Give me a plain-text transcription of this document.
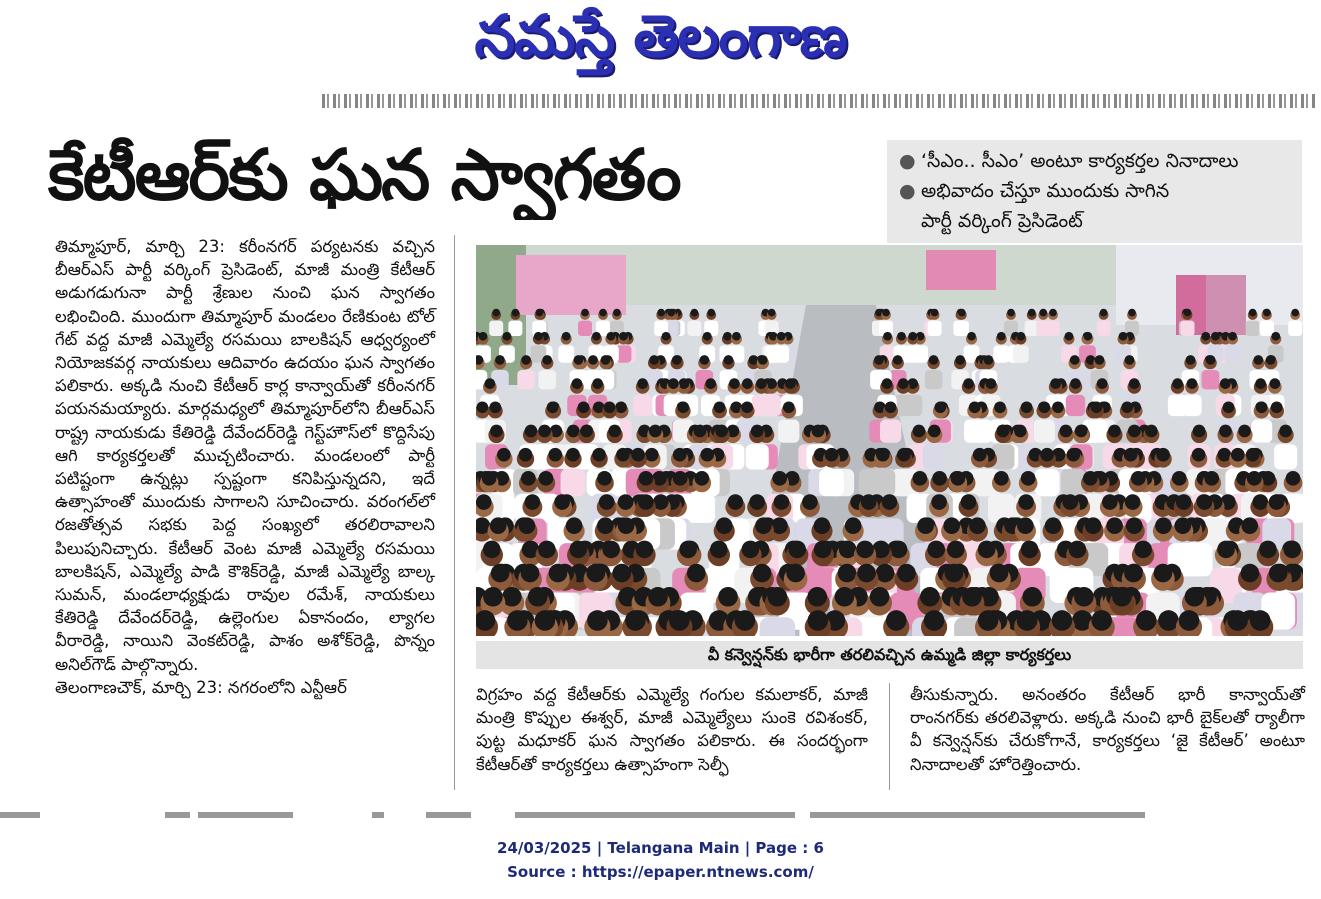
నమస్తే తెలంగాణ
కేటీఆర్‌కు ఘన స్వాగతం	● ‘సీఎం.. సీఎం’ అంటూ కార్యకర్తల నినాదాలు
● అభివాదం చేస్తూ ముందుకు సాగిన
పార్టీ వర్కింగ్ ప్రెసిడెంట్
వీ కన్వెన్షన్‌కు భారీగా తరలివచ్చిన ఉమ్మడి జిల్లా కార్యకర్తలు

తిమ్మాపూర్, మార్చి 23: కరీంనగర్ పర్యటనకు వచ్చిన బీఆర్ఎస్ పార్టీ వర్కింగ్ ప్రెసిడెంట్, మాజీ మంత్రి కేటీఆర్ అడుగడుగునా పార్టీ శ్రేణుల నుంచి ఘన స్వాగతం లభించింది. ముందుగా తిమ్మాపూర్ మండలం రేణికుంట టోల్ గేట్ వద్ద మాజీ ఎమ్మెల్యే రసమయి బాలకిషన్ ఆధ్వర్యంలో నియోజకవర్గ నాయకులు ఆదివారం ఉదయం ఘన స్వాగతం పలికారు. అక్కడి నుంచి కేటీఆర్ కార్ల కాన్వాయ్‌తో కరీంనగర్ పయనమయ్యారు. మార్గమధ్యలో తిమ్మాపూర్‌లోని బీఆర్ఎస్ రాష్ట్ర నాయకుడు కేతిరెడ్డి దేవేందర్‌రెడ్డి గెస్ట్‌హౌస్‌లో కొద్దిసేపు ఆగి కార్యకర్తలతో ముచ్చటించారు. మండలంలో పార్టీ పటిష్టంగా ఉన్నట్లు స్పష్టంగా కనిపిస్తున్నదని, ఇదే ఉత్సాహంతో ముందుకు సాగాలని సూచించారు. వరంగల్‌లో రజతోత్సవ సభకు పెద్ద సంఖ్యలో తరలిరావాలని పిలుపునిచ్చారు. కేటీఆర్ వెంట మాజీ ఎమ్మెల్యే రసమయి బాలకిషన్, ఎమ్మెల్యే పాడి కౌశిక్‌రెడ్డి, మాజీ ఎమ్మెల్యే బాల్క సుమన్, మండలాధ్యక్షుడు రావుల రమేశ్, నాయకులు కేతిరెడ్డి దేవేందర్‌రెడ్డి, ఉల్లెంగుల ఏకానందం, ల్యాగల వీరారెడ్డి, నాయిని వెంకట్‌రెడ్డి, పాశం అశోక్‌రెడ్డి, పొన్నం అనిల్‌గౌడ్ పాల్గొన్నారు.

తెలంగాణచౌక్, మార్చి 23: నగరంలోని ఎన్టీఆర్	విగ్రహం వద్ద కేటీఆర్‌కు ఎమ్మెల్యే గంగుల కమలాకర్, మాజీ మంత్రి కొప్పుల ఈశ్వర్, మాజీ ఎమ్మెల్యేలు సుంకె రవిశంకర్, పుట్ట మధూకర్ ఘన స్వాగతం పలికారు. ఈ సందర్భంగా కేటీఆర్‌తో కార్యకర్తలు ఉత్సాహంగా సెల్ఫీ

తీసుకున్నారు. అనంతరం కేటీఆర్ భారీ కాన్వాయ్‌తో రాంనగర్‌కు తరలివెళ్లారు. అక్కడి నుంచి భారీ బైక్‌లతో ర్యాలీగా వీ కన్వెన్షన్‌కు చేరుకోగానే, కార్యకర్తలు ‘జై కేటీఆర్’ అంటూ నినాదాలతో హోరెత్తించారు.

24/03/2025 | Telangana Main | Page : 6
Source : https://epaper.ntnews.com/
